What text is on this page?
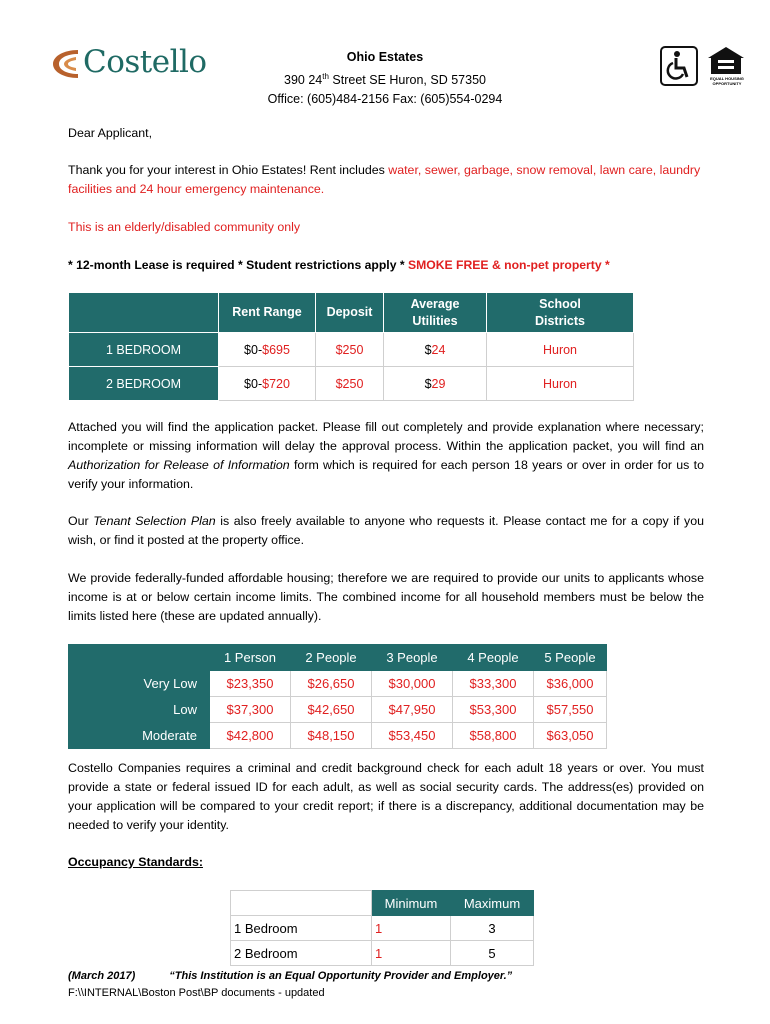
Costello	Ohio Estates
390 24th Street SE Huron, SD 57350
Office: (605)484-2156 Fax: (605)554-0294
EQUAL HOUSING OPPORTUNITY
Dear Applicant,
Thank you for your interest in Ohio Estates! Rent includes water, sewer, garbage, snow removal, lawn care, laundry facilities and 24 hour emergency maintenance.
This is an elderly/disabled community only
* 12-month Lease is required * Student restrictions apply * SMOKE FREE & non-pet property *
	Rent Range	Deposit	Average Utilities	School Districts

1 BEDROOM	$0-$695	$250	$24	Huron
2 BEDROOM	$0-$720	$250	$29	Huron
Attached you will find the application packet. Please fill out completely and provide explanation where necessary; incomplete or missing information will delay the approval process. Within the application packet, you will find an Authorization for Release of Information form which is required for each person 18 years or over in order for us to verify your information.
Our Tenant Selection Plan is also freely available to anyone who requests it. Please contact me for a copy if you wish, or find it posted at the property office.
We provide federally-funded affordable housing; therefore we are required to provide our units to applicants whose income is at or below certain income limits. The combined income for all household members must be below the limits listed here (these are updated annually).
	1 Person	2 People	3 People	4 People	5 People
Very Low	$23,350	$26,650	$30,000	$33,300	$36,000
Low	$37,300	$42,650	$47,950	$53,300	$57,550
Moderate	$42,800	$48,150	$53,450	$58,800	$63,050
Costello Companies requires a criminal and credit background check for each adult 18 years or over. You must provide a state or federal issued ID for each adult, as well as social security cards. The address(es) provided on your application will be compared to your credit report; if there is a discrepancy, additional documentation may be needed to verify your identity.
Occupancy Standards:
	Minimum	Maximum
1 Bedroom	1	3
2 Bedroom	1	5
(March 2017)	“This Institution is an Equal Opportunity Provider and Employer.”
F:\\INTERNAL\Boston Post\BP documents - updated
